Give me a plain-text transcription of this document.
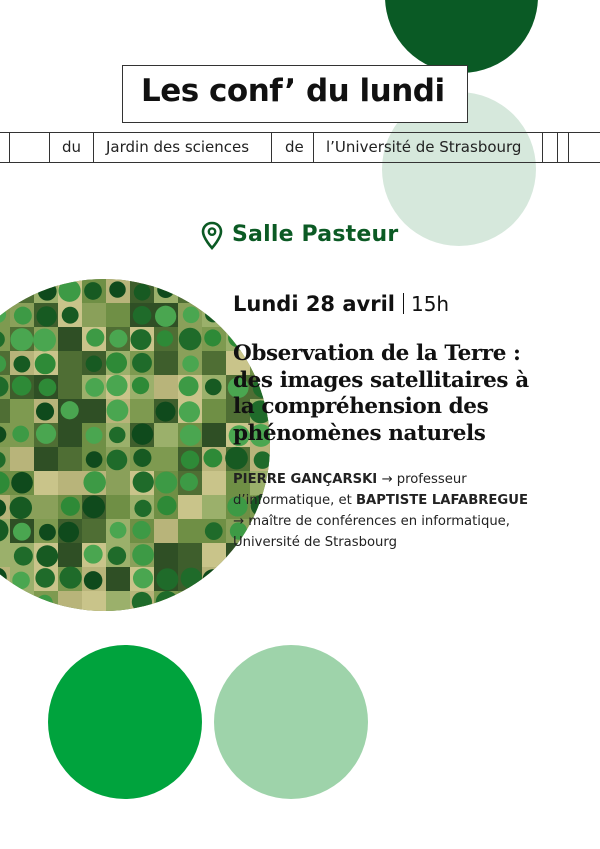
du Jardin des sciences de l’Université de Strasbourg
Les conf’ du lundi
Salle Pasteur
Lundi 28 avril 15h
Observation de la Terre :
des images satellitaires à
la compréhension des
phénomènes naturels
PIERRE GANÇARSKI → professeur
d’informatique, et BAPTISTE LAFABREGUE
→ maître de conférences en informatique,
Université de Strasbourg
